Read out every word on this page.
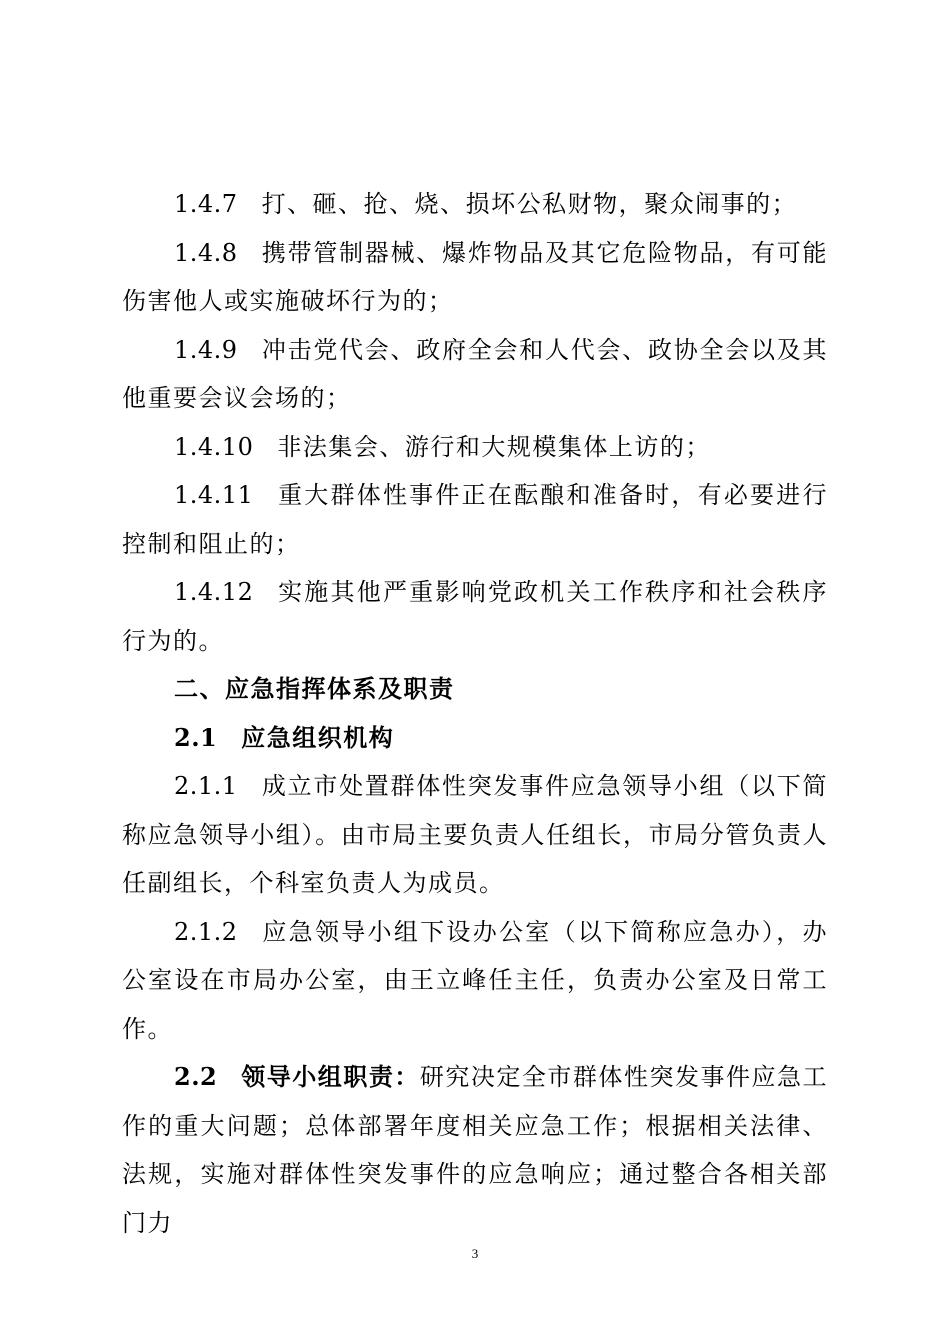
1.4.7 打、砸、抢、烧、损坏公私财物，聚众闹事的；

1.4.8 携带管制器械、爆炸物品及其它危险物品，有可能伤害他人或实施破坏行为的；

1.4.9 冲击党代会、政府全会和人代会、政协全会以及其他重要会议会场的；

1.4.10 非法集会、游行和大规模集体上访的；

1.4.11 重大群体性事件正在酝酿和准备时，有必要进行控制和阻止的；

1.4.12 实施其他严重影响党政机关工作秩序和社会秩序行为的。

二、应急指挥体系及职责

2.1 应急组织机构

2.1.1 成立市处置群体性突发事件应急领导小组（以下简称应急领导小组）。由市局主要负责人任组长，市局分管负责人任副组长，个科室负责人为成员。

2.1.2 应急领导小组下设办公室（以下简称应急办），办公室设在市局办公室，由王立峰任主任，负责办公室及日常工作。

2.2 领导小组职责：研究决定全市群体性突发事件应急工作的重大问题；总体部署年度相关应急工作；根据相关法律、法规，实施对群体性突发事件的应急响应；通过整合各相关部门力

3
